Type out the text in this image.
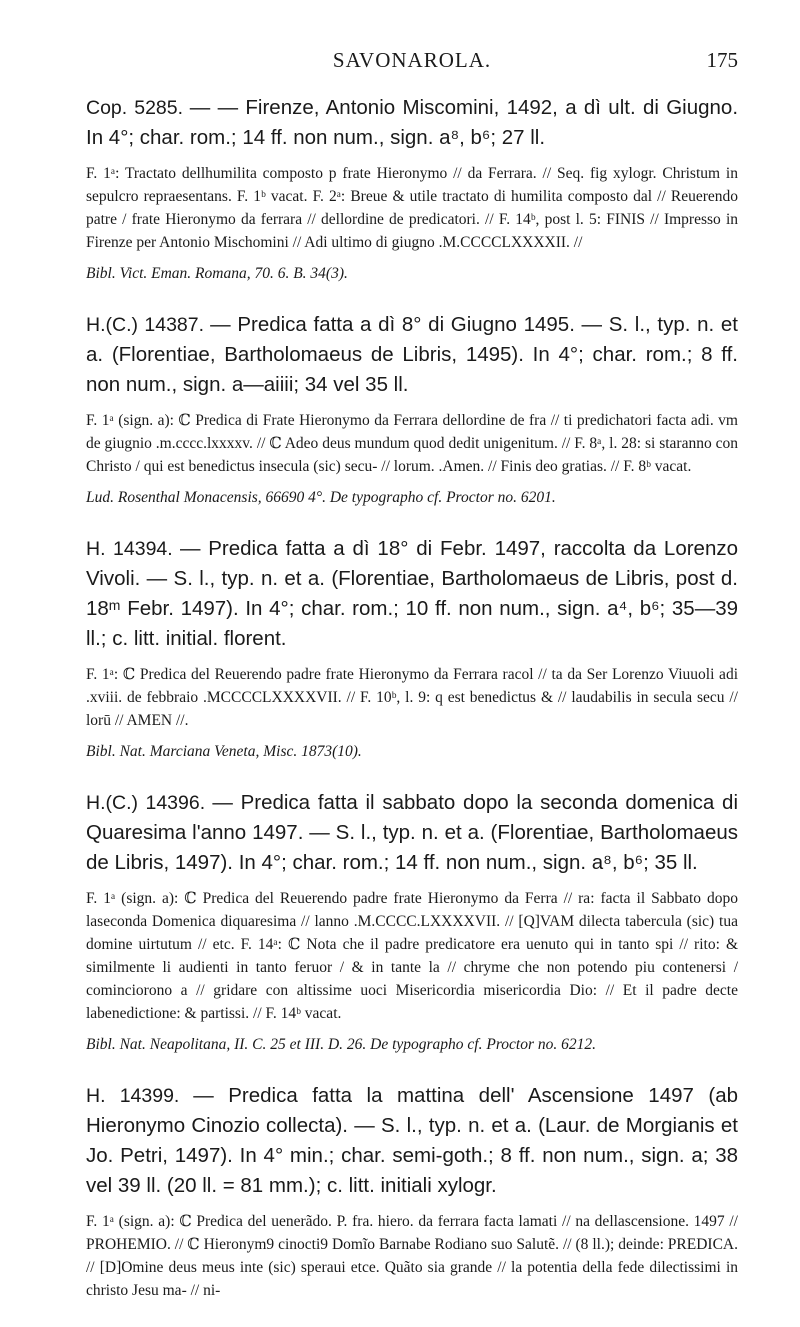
SAVONAROLA.	175

Cop. 5285. — — Firenze, Antonio Miscomini, 1492, a dì ult. di Giugno. In 4°; char. rom.; 14 ff. non num., sign. a⁸, b⁶; 27 ll.

F. 1ᵃ: Tractato dellhumilita composto p frate Hieronymo // da Ferrara. // Seq. fig xylogr. Christum in sepulcro repraesentans. F. 1ᵇ vacat. F. 2ᵃ: Breue & utile tractato di humilita composto dal // Reuerendo patre / frate Hieronymo da ferrara // dellordine de predicatori. // F. 14ᵇ, post l. 5: FINIS // Impresso in Firenze per Antonio Mischomini // Adi ultimo di giugno .M.CCCCLXXXXII. //

Bibl. Vict. Eman. Romana, 70. 6. B. 34(3).

H.(C.) 14387. — Predica fatta a dì 8° di Giugno 1495. — S. l., typ. n. et a. (Florentiae, Bartholomaeus de Libris, 1495). In 4°; char. rom.; 8 ff. non num., sign. a—aiiii; 34 vel 35 ll.

F. 1ᵃ (sign. a): ℂ Predica di Frate Hieronymo da Ferrara dellordine de fra // ti predichatori facta adi. vm de giugnio .m.cccc.lxxxxv. // ℂ Adeo deus mundum quod dedit unigenitum. // F. 8ᵃ, l. 28: si staranno con Christo / qui est benedictus insecula (sic) secu- // lorum. .Amen. // Finis deo gratias. // F. 8ᵇ vacat.

Lud. Rosenthal Monacensis, 66690 4°. De typographo cf. Proctor no. 6201.

H. 14394. — Predica fatta a dì 18° di Febr. 1497, raccolta da Lorenzo Vivoli. — S. l., typ. n. et a. (Florentiae, Bartholomaeus de Libris, post d. 18ᵐ Febr. 1497). In 4°; char. rom.; 10 ff. non num., sign. a⁴, b⁶; 35—39 ll.; c. litt. initial. florent.

F. 1ᵃ: ℂ Predica del Reuerendo padre frate Hieronymo da Ferrara racol // ta da Ser Lorenzo Viuuoli adi .xviii. de febbraio .MCCCCLXXXXVII. // F. 10ᵇ, l. 9: q est benedictus & // laudabilis in secula secu // lorū // AMEN //.

Bibl. Nat. Marciana Veneta, Misc. 1873(10).

H.(C.) 14396. — Predica fatta il sabbato dopo la seconda domenica di Quaresima l'anno 1497. — S. l., typ. n. et a. (Florentiae, Bartholomaeus de Libris, 1497). In 4°; char. rom.; 14 ff. non num., sign. a⁸, b⁶; 35 ll.

F. 1ᵃ (sign. a): ℂ Predica del Reuerendo padre frate Hieronymo da Ferra // ra: facta il Sabbato dopo laseconda Domenica diquaresima // lanno .M.CCCC.LXXXXVII. // [Q]VAM dilecta tabercula (sic) tua domine uirtutum // etc. F. 14ᵃ: ℂ Nota che il padre predicatore era uenuto qui in tanto spi // rito: & similmente li audienti in tanto feruor / & in tante la // chryme che non potendo piu contenersi / cominciorono a // gridare con altissime uoci Misericordia misericordia Dio: // Et il padre decte labenedictione: & partissi. // F. 14ᵇ vacat.

Bibl. Nat. Neapolitana, II. C. 25 et III. D. 26. De typographo cf. Proctor no. 6212.

H. 14399. — Predica fatta la mattina dell' Ascensione 1497 (ab Hieronymo Cinozio collecta). — S. l., typ. n. et a. (Laur. de Morgianis et Jo. Petri, 1497). In 4° min.; char. semi-goth.; 8 ff. non num., sign. a; 38 vel 39 ll. (20 ll. = 81 mm.); c. litt. initiali xylogr.

F. 1ᵃ (sign. a): ℂ Predica del uenerãdo. P. fra. hiero. da ferrara facta lamati // na dellascensione. 1497 // PROHEMIO. // ℂ Hieronym9 cinocti9 Domĩo Barnabe Rodiano suo Salutẽ. // (8 ll.); deinde: PREDICA. // [D]Omine deus meus inte (sic) speraui etce. Quãto sia grande // la potentia della fede dilectissimi in christo Jesu ma- // ni-
